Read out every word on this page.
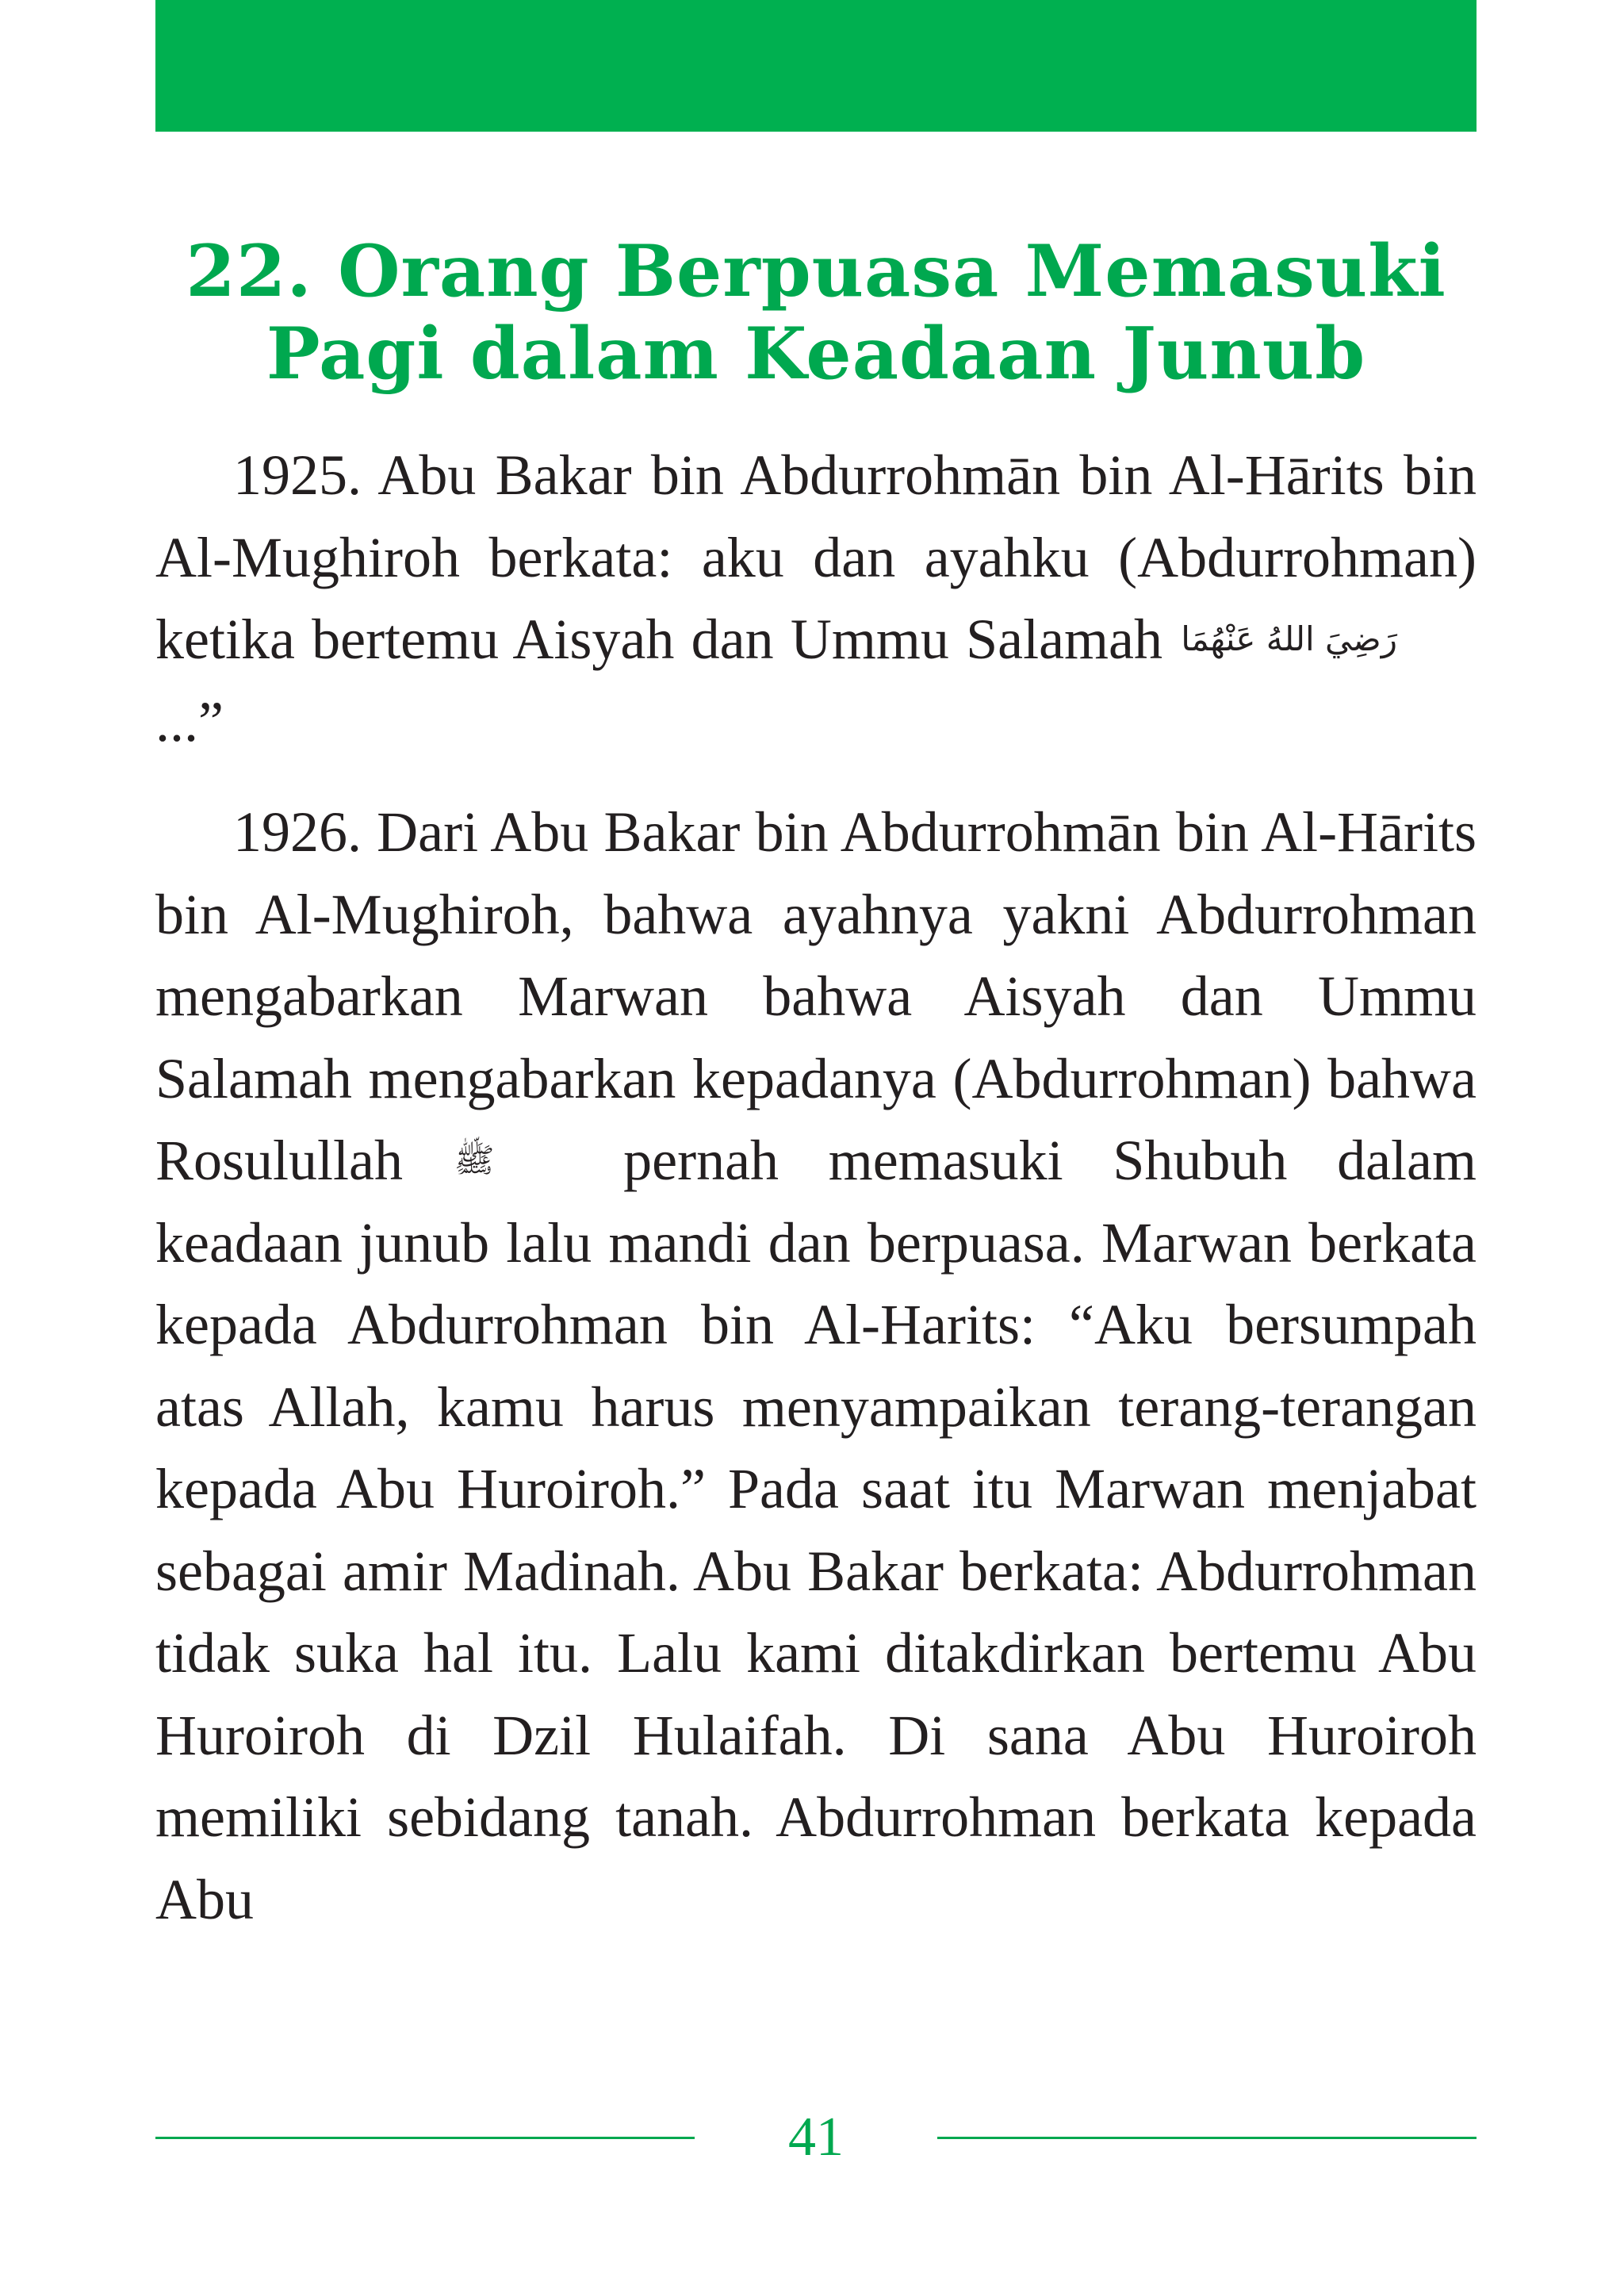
22. Orang Berpuasa Memasuki
Pagi dalam Keadaan Junub

1925. Abu Bakar bin Abdurrohmān bin Al-Hārits bin Al-Mughiroh berkata: aku dan ayahku (Abdurrohman) ketika bertemu Aisyah dan Ummu Salamah رَضِيَ اللهُ عَنْهُمَا...”

1926. Dari Abu Bakar bin Abdurrohmān bin Al-Hārits bin Al-Mughiroh, bahwa ayahnya yakni Abdurrohman mengabarkan Marwan bahwa Aisyah dan Ummu Salamah mengabarkan kepadanya (Abdurrohman) bahwa Rosulullah ﷺ pernah memasuki Shubuh dalam keadaan junub lalu mandi dan berpuasa. Marwan berkata kepada Abdurrohman bin Al-Harits: “Aku bersumpah atas Allah, kamu harus menyampaikan terang-terangan kepada Abu Huroiroh.” Pada saat itu Marwan menjabat sebagai amir Madinah. Abu Bakar berkata: Abdurrohman tidak suka hal itu. Lalu kami ditakdirkan bertemu Abu Huroiroh di Dzil Hulaifah. Di sana Abu Huroiroh memiliki sebidang tanah. Abdurrohman berkata kepada Abu

41
